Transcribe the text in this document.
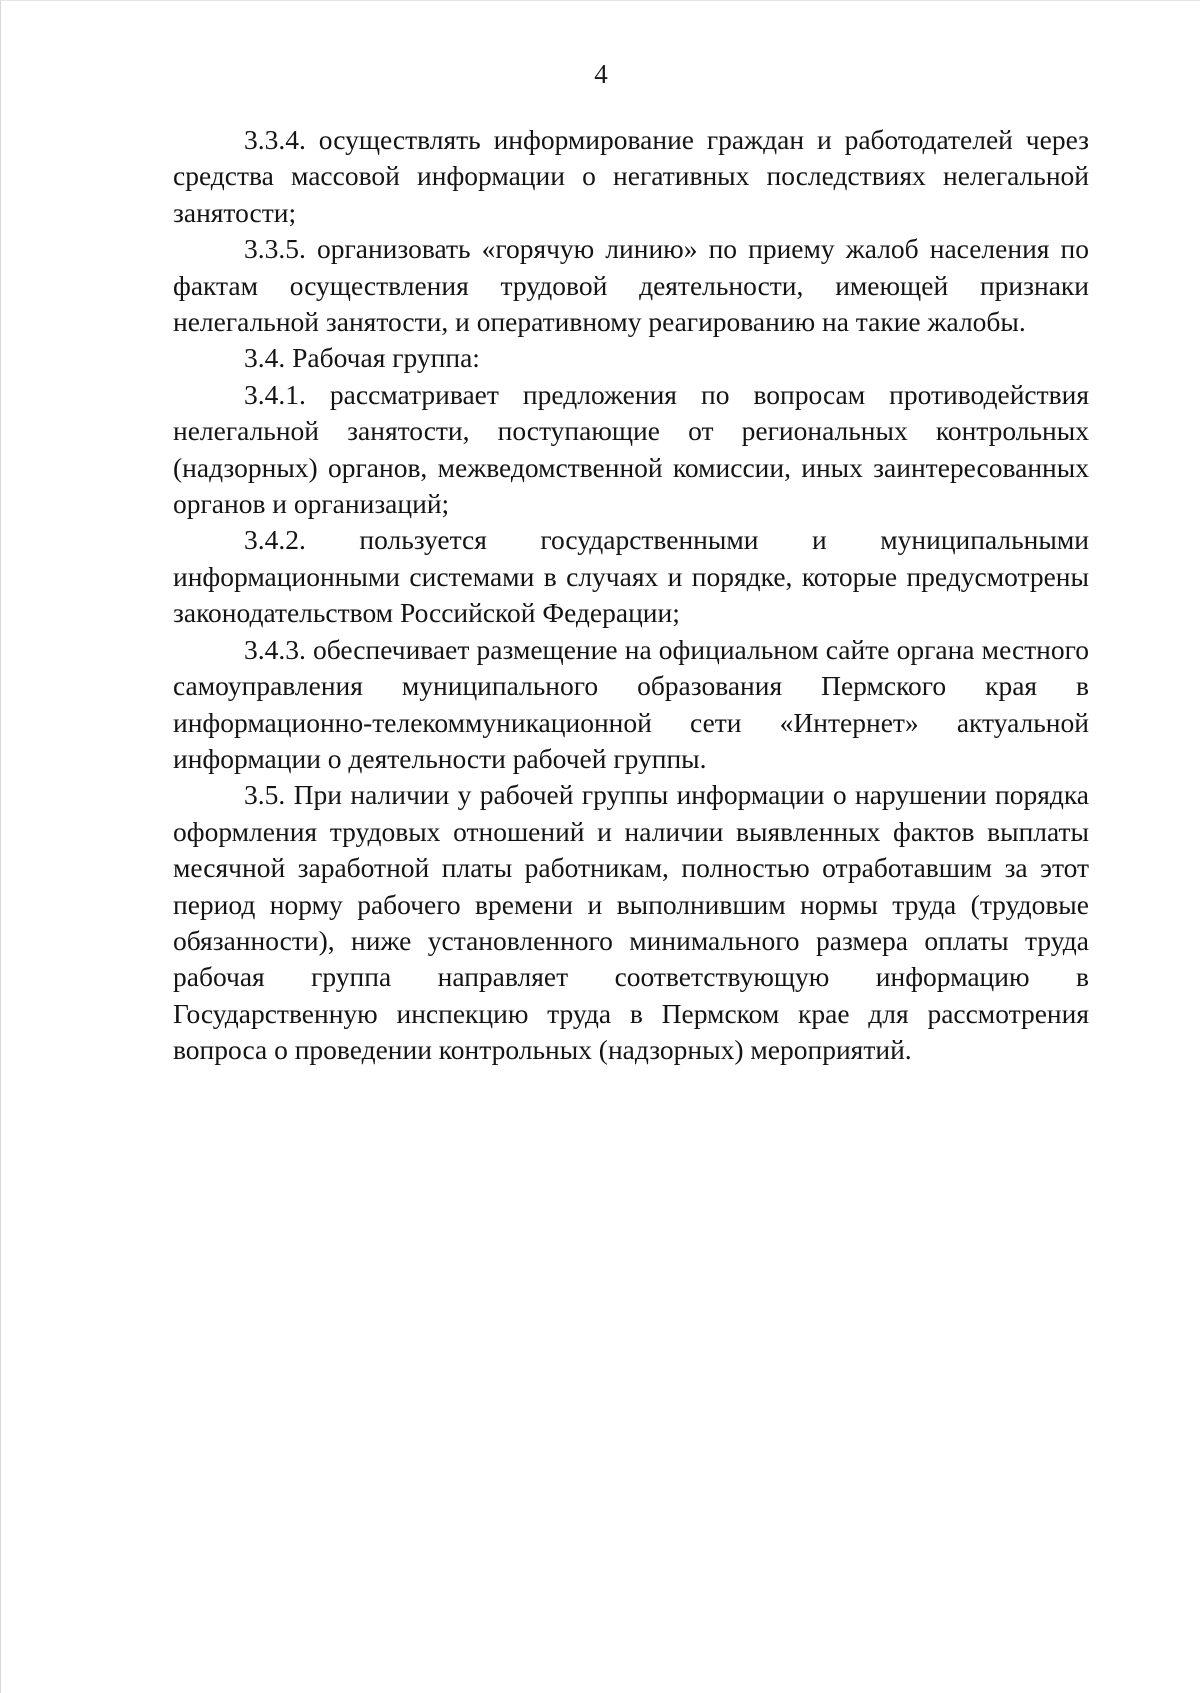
4

3.3.4. осуществлять информирование граждан и работодателей через средства массовой информации о негативных последствиях нелегальной занятости;

3.3.5. организовать «горячую линию» по приему жалоб населения по фактам осуществления трудовой деятельности, имеющей признаки нелегальной занятости, и оперативному реагированию на такие жалобы.

3.4. Рабочая группа:

3.4.1. рассматривает предложения по вопросам противодействия нелегальной занятости, поступающие от региональных контрольных (надзорных) органов, межведомственной комиссии, иных заинтересованных органов и организаций;

3.4.2. пользуется государственными и муниципальными информационными системами в случаях и порядке, которые предусмотрены законодательством Российской Федерации;

3.4.3. обеспечивает размещение на официальном сайте органа местного самоуправления муниципального образования Пермского края в информационно-телекоммуникационной сети «Интернет» актуальной информации о деятельности рабочей группы.

3.5. При наличии у рабочей группы информации о нарушении порядка оформления трудовых отношений и наличии выявленных фактов выплаты месячной заработной платы работникам, полностью отработавшим за этот период норму рабочего времени и выполнившим нормы труда (трудовые обязанности), ниже установленного минимального размера оплаты труда рабочая группа направляет соответствующую информацию в Государственную инспекцию труда в Пермском крае для рассмотрения вопроса о проведении контрольных (надзорных) мероприятий.
